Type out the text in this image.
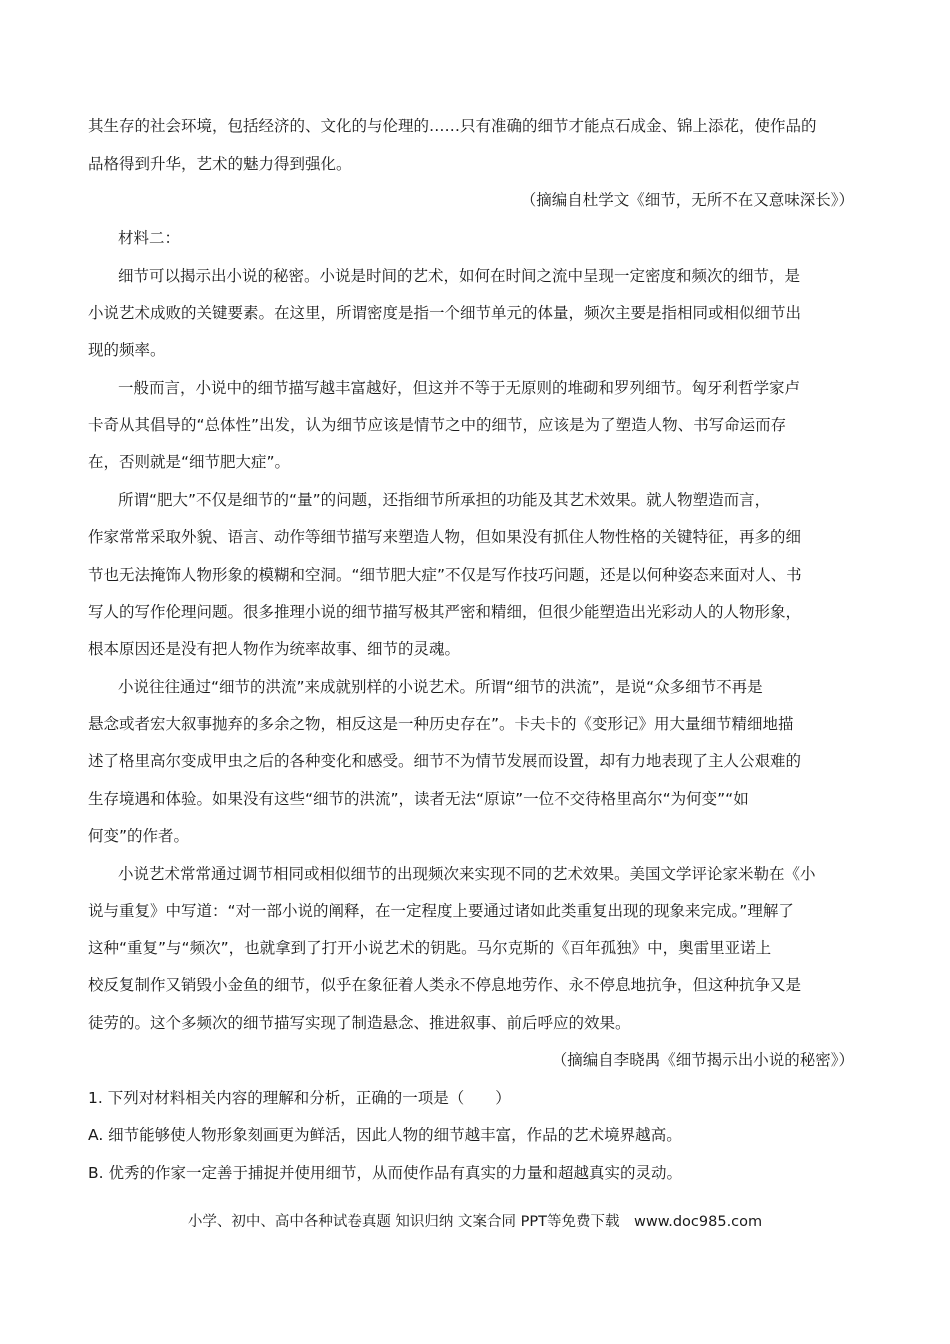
其生存的社会环境，包括经济的、文化的与伦理的……只有准确的细节才能点石成金、锦上添花，使作品的
品格得到升华，艺术的魅力得到强化。
（摘编自杜学文《细节，无所不在又意味深长》）
材料二：
细节可以揭示出小说的秘密。小说是时间的艺术，如何在时间之流中呈现一定密度和频次的细节，是
小说艺术成败的关键要素。在这里，所谓密度是指一个细节单元的体量，频次主要是指相同或相似细节出
现的频率。
一般而言，小说中的细节描写越丰富越好，但这并不等于无原则的堆砌和罗列细节。匈牙利哲学家卢
卡奇从其倡导的“总体性”出发，认为细节应该是情节之中的细节，应该是为了塑造人物、书写命运而存
在，否则就是“细节肥大症”。
所谓“肥大”不仅是细节的“量”的问题，还指细节所承担的功能及其艺术效果。就人物塑造而言，
作家常常采取外貌、语言、动作等细节描写来塑造人物，但如果没有抓住人物性格的关键特征，再多的细
节也无法掩饰人物形象的模糊和空洞。“细节肥大症”不仅是写作技巧问题，还是以何种姿态来面对人、书
写人的写作伦理问题。很多推理小说的细节描写极其严密和精细，但很少能塑造出光彩动人的人物形象，
根本原因还是没有把人物作为统率故事、细节的灵魂。
小说往往通过“细节的洪流”来成就别样的小说艺术。所谓“细节的洪流”，是说“众多细节不再是
悬念或者宏大叙事抛弃的多余之物，相反这是一种历史存在”。卡夫卡的《变形记》用大量细节精细地描
述了格里高尔变成甲虫之后的各种变化和感受。细节不为情节发展而设置，却有力地表现了主人公艰难的
生存境遇和体验。如果没有这些“细节的洪流”，读者无法“原谅”一位不交待格里高尔“为何变”“如
何变”的作者。
小说艺术常常通过调节相同或相似细节的出现频次来实现不同的艺术效果。美国文学评论家米勒在《小
说与重复》中写道：“对一部小说的阐释，在一定程度上要通过诸如此类重复出现的现象来完成。”理解了
这种“重复”与“频次”，也就拿到了打开小说艺术的钥匙。马尔克斯的《百年孤独》中，奥雷里亚诺上
校反复制作又销毁小金鱼的细节，似乎在象征着人类永不停息地劳作、永不停息地抗争，但这种抗争又是
徒劳的。这个多频次的细节描写实现了制造悬念、推进叙事、前后呼应的效果。
（摘编自李晓禺《细节揭示出小说的秘密》）
1. 下列对材料相关内容的理解和分析，正确的一项是（　　）
A. 细节能够使人物形象刻画更为鲜活，因此人物的细节越丰富，作品的艺术境界越高。
B. 优秀的作家一定善于捕捉并使用细节，从而使作品有真实的力量和超越真实的灵动。
小学、初中、高中各种试卷真题 知识归纳 文案合同 PPT等免费下载　www.doc985.com
